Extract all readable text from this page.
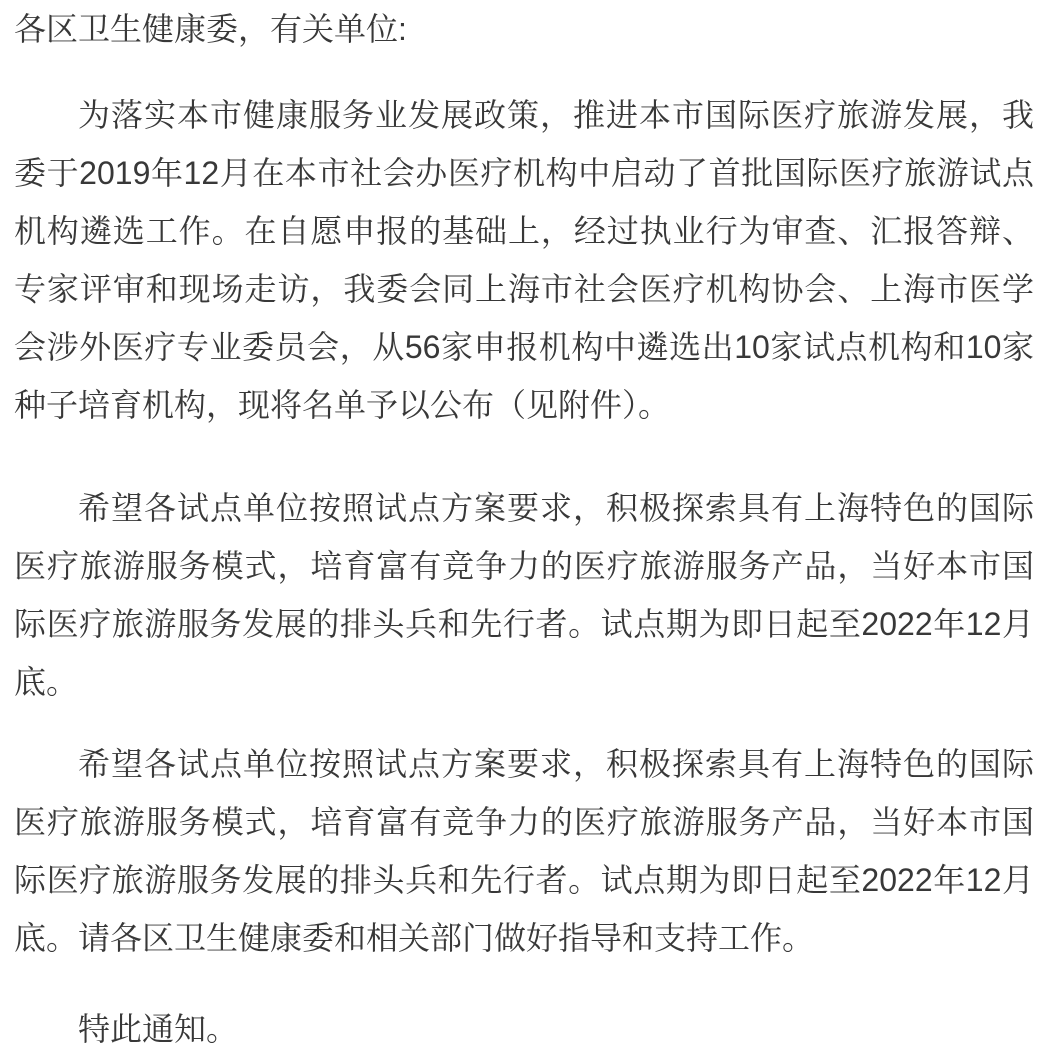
各区卫生健康委，有关单位:

为落实本市健康服务业发展政策，推进本市国际医疗旅游发展，我委于2019年12月在本市社会办医疗机构中启动了首批国际医疗旅游试点机构遴选工作。在自愿申报的基础上，经过执业行为审查、汇报答辩、专家评审和现场走访，我委会同上海市社会医疗机构协会、上海市医学会涉外医疗专业委员会，从56家申报机构中遴选出10家试点机构和10家种子培育机构，现将名单予以公布（见附件）。

希望各试点单位按照试点方案要求，积极探索具有上海特色的国际医疗旅游服务模式，培育富有竞争力的医疗旅游服务产品，当好本市国际医疗旅游服务发展的排头兵和先行者。试点期为即日起至2022年12月底。

希望各试点单位按照试点方案要求，积极探索具有上海特色的国际医疗旅游服务模式，培育富有竞争力的医疗旅游服务产品，当好本市国际医疗旅游服务发展的排头兵和先行者。试点期为即日起至2022年12月底。请各区卫生健康委和相关部门做好指导和支持工作。

特此通知。
